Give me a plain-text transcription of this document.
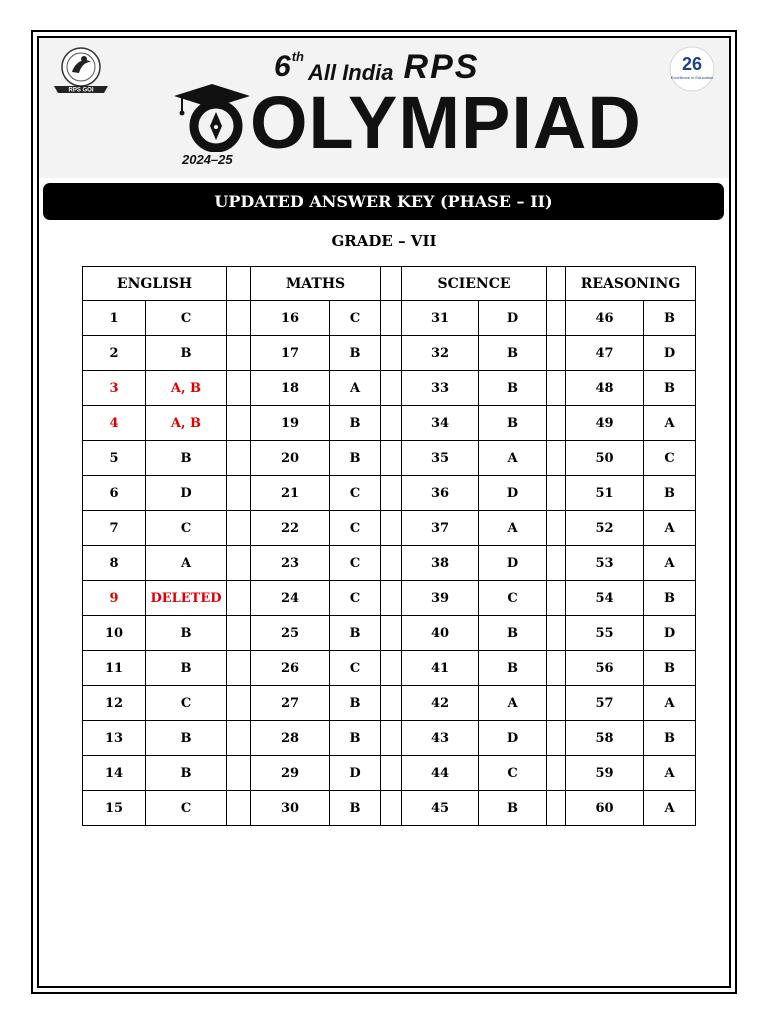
RPS GOI
26
Excellence in Education
6 th
All India RPS
OLYMPIAD
2024–25
UPDATED ANSWER KEY (PHASE – II)
GRADE – VII
ENGLISH			MATHS			SCIENCE			REASONING	
1	C		16	C		31	D		46	B
2	B		17	B		32	B		47	D
3	A, B		18	A		33	B		48	B
4	A, B		19	B		34	B		49	A
5	B		20	B		35	A		50	C
6	D		21	C		36	D		51	B
7	C		22	C		37	A		52	A
8	A		23	C		38	D		53	A
9	DELETED		24	C		39	C		54	B
10	B		25	B		40	B		55	D
11	B		26	C		41	B		56	B
12	C		27	B		42	A		57	A
13	B		28	B		43	D		58	B
14	B		29	D		44	C		59	A
15	C		30	B		45	B		60	A
